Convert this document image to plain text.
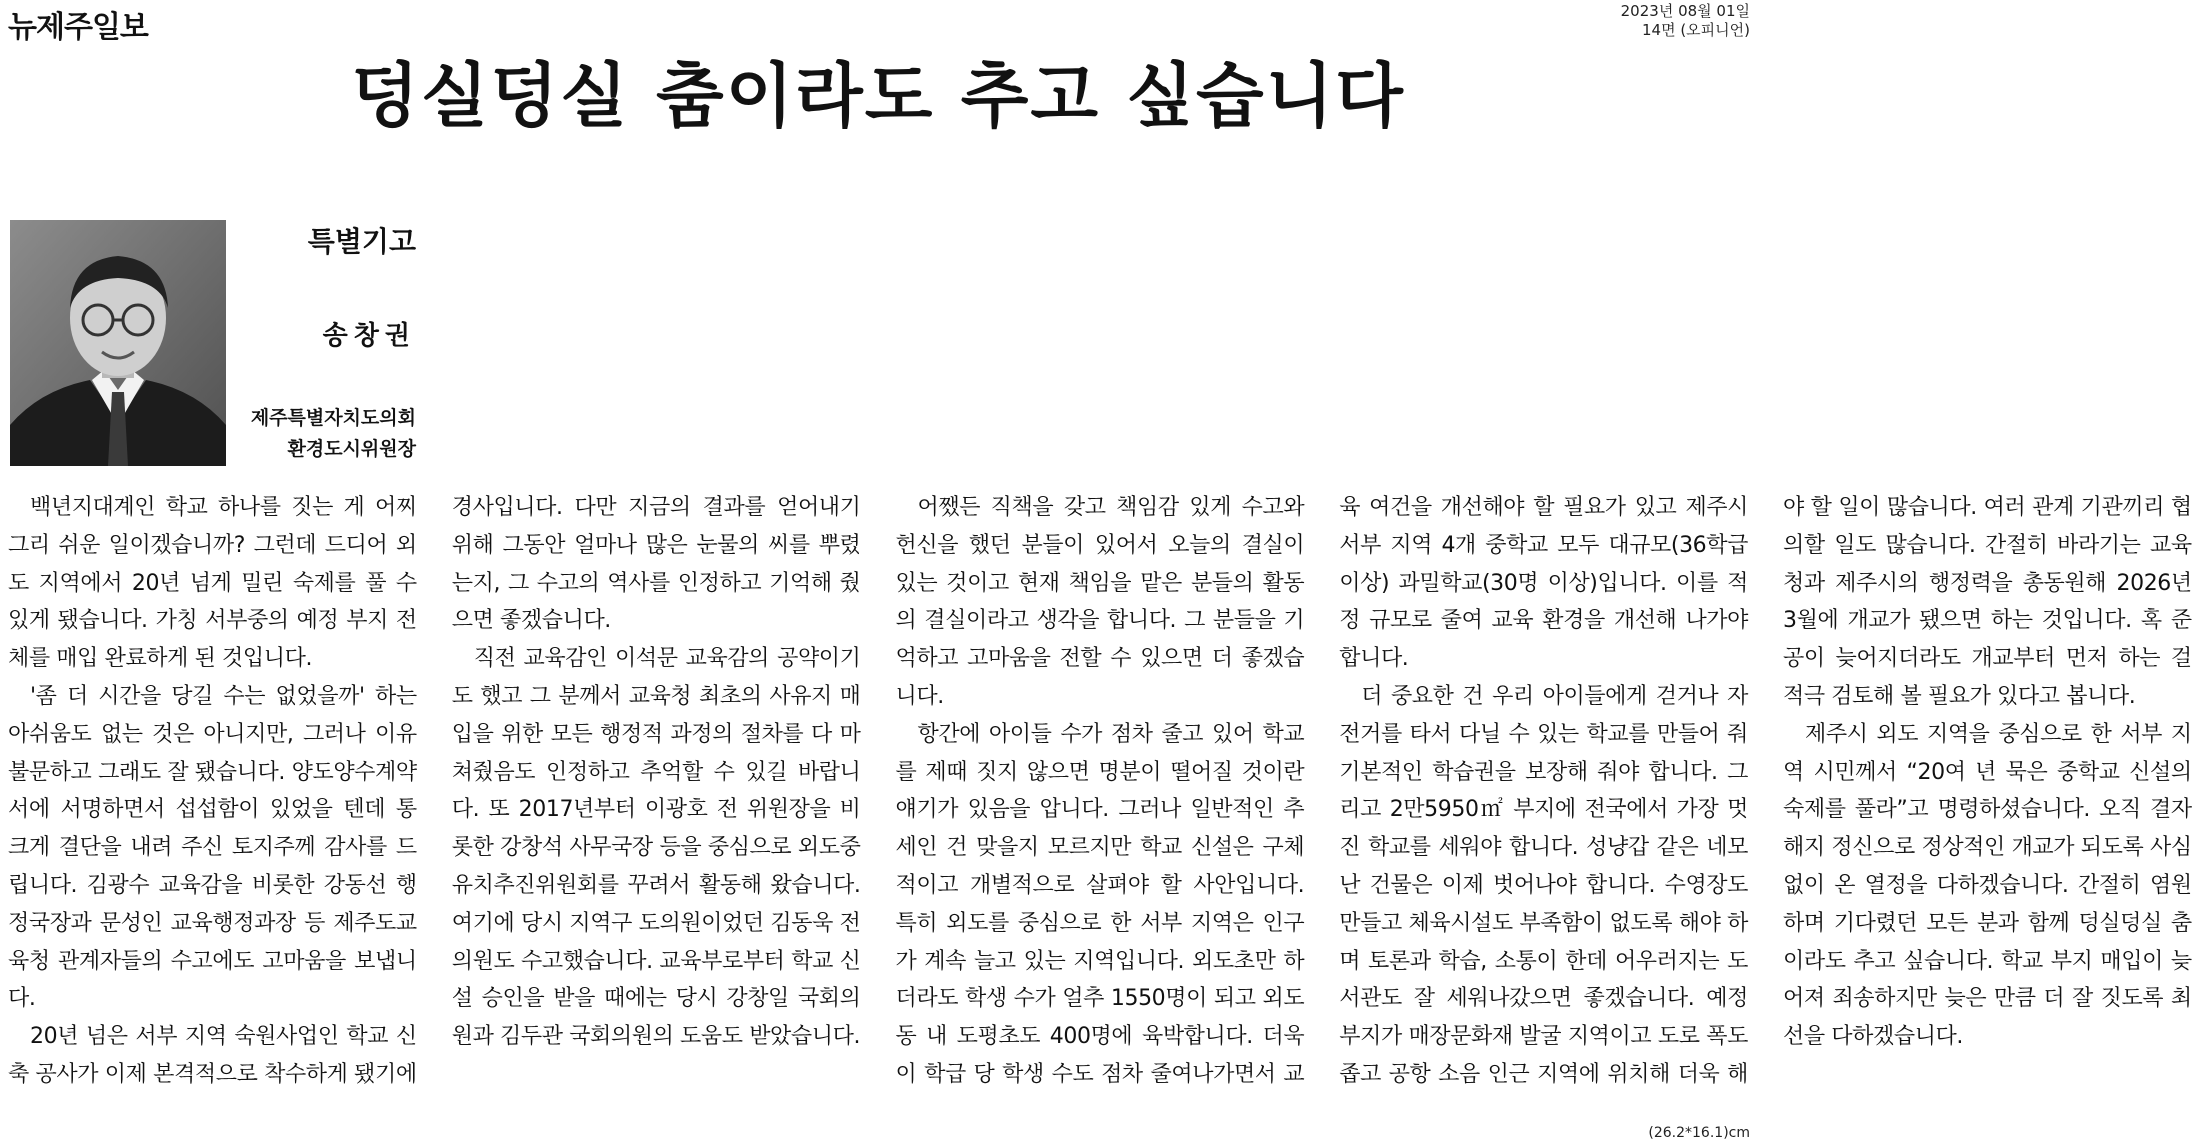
뉴제주일보	2023년 08월 01일
14면 (오피니언)
덩실덩실 춤이라도 추고 싶습니다
특별기고
송창권
제주특별자치도의회
환경도시위원장

백년지대계인 학교 하나를 짓는 게 어찌 그리 쉬운 일이겠습니까? 그런데 드디어 외도 지역에서 20년 넘게 밀린 숙제를 풀 수 있게 됐습니다. 가칭 서부중의 예정 부지 전체를 매입 완료하게 된 것입니다.

'좀 더 시간을 당길 수는 없었을까' 하는 아쉬움도 없는 것은 아니지만, 그러나 이유 불문하고 그래도 잘 됐습니다. 양도양수계약서에 서명하면서 섭섭함이 있었을 텐데 통 크게 결단을 내려 주신 토지주께 감사를 드립니다. 김광수 교육감을 비롯한 강동선 행정국장과 문성인 교육행정과장 등 제주도교육청 관계자들의 수고에도 고마움을 보냅니다.

20년 넘은 서부 지역 숙원사업인 학교 신축 공사가 이제 본격적으로 착수하게 됐기에 경사입니다. 다만 지금의 결과를 얻어내기 위해 그동안 얼마나 많은 눈물의 씨를 뿌렸는지, 그 수고의 역사를 인정하고 기억해 줬으면 좋겠습니다.

직전 교육감인 이석문 교육감의 공약이기도 했고 그 분께서 교육청 최초의 사유지 매입을 위한 모든 행정적 과정의 절차를 다 마쳐줬음도 인정하고 추억할 수 있길 바랍니다. 또 2017년부터 이광호 전 위원장을 비롯한 강창석 사무국장 등을 중심으로 외도중 유치추진위원회를 꾸려서 활동해 왔습니다. 여기에 당시 지역구 도의원이었던 김동욱 전 의원도 수고했습니다. 교육부로부터 학교 신설 승인을 받을 때에는 당시 강창일 국회의원과 김두관 국회의원의 도움도 받았습니다.

어쨌든 직책을 갖고 책임감 있게 수고와 헌신을 했던 분들이 있어서 오늘의 결실이 있는 것이고 현재 책임을 맡은 분들의 활동의 결실이라고 생각을 합니다. 그 분들을 기억하고 고마움을 전할 수 있으면 더 좋겠습니다.

항간에 아이들 수가 점차 줄고 있어 학교를 제때 짓지 않으면 명분이 떨어질 것이란 얘기가 있음을 압니다. 그러나 일반적인 추세인 건 맞을지 모르지만 학교 신설은 구체적이고 개별적으로 살펴야 할 사안입니다. 특히 외도를 중심으로 한 서부 지역은 인구가 계속 늘고 있는 지역입니다. 외도초만 하더라도 학생 수가 얼추 1550명이 되고 외도동 내 도평초도 400명에 육박합니다. 더욱이 학급 당 학생 수도 점차 줄여나가면서 교육 여건을 개선해야 할 필요가 있고 제주시 서부 지역 4개 중학교 모두 대규모(36학급 이상) 과밀학교(30명 이상)입니다. 이를 적정 규모로 줄여 교육 환경을 개선해 나가야 합니다.

더 중요한 건 우리 아이들에게 걷거나 자전거를 타서 다닐 수 있는 학교를 만들어 줘 기본적인 학습권을 보장해 줘야 합니다. 그리고 2만5950㎡ 부지에 전국에서 가장 멋진 학교를 세워야 합니다. 성냥갑 같은 네모난 건물은 이제 벗어나야 합니다. 수영장도 만들고 체육시설도 부족함이 없도록 해야 하며 토론과 학습, 소통이 한데 어우러지는 도서관도 잘 세워나갔으면 좋겠습니다. 예정 부지가 매장문화재 발굴 지역이고 도로 폭도 좁고 공항 소음 인근 지역에 위치해 더욱 해야 할 일이 많습니다. 여러 관계 기관끼리 협의할 일도 많습니다. 간절히 바라기는 교육청과 제주시의 행정력을 총동원해 2026년 3월에 개교가 됐으면 하는 것입니다. 혹 준공이 늦어지더라도 개교부터 먼저 하는 걸 적극 검토해 볼 필요가 있다고 봅니다.

제주시 외도 지역을 중심으로 한 서부 지역 시민께서 “20여 년 묵은 중학교 신설의 숙제를 풀라”고 명령하셨습니다. 오직 결자해지 정신으로 정상적인 개교가 되도록 사심 없이 온 열정을 다하겠습니다. 간절히 염원하며 기다렸던 모든 분과 함께 덩실덩실 춤이라도 추고 싶습니다. 학교 부지 매입이 늦어져 죄송하지만 늦은 만큼 더 잘 짓도록 최선을 다하겠습니다.

(26.2*16.1)cm
